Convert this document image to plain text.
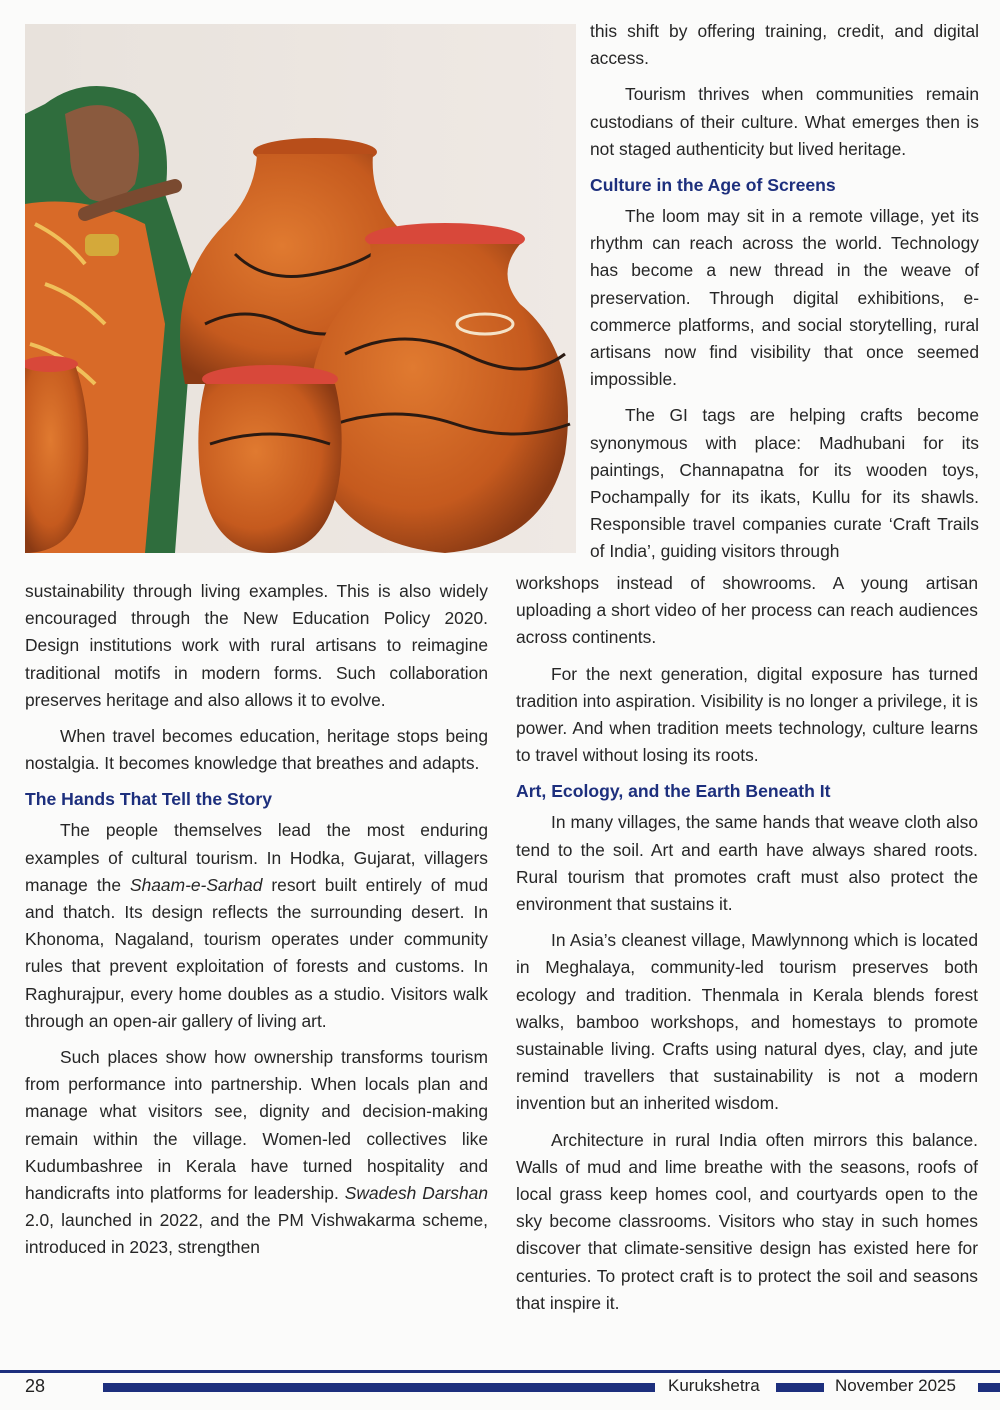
this shift by offering training, credit, and digital access.

Tourism thrives when communities remain custodians of their culture. What emerges then is not staged authenticity but lived heritage.

Culture in the Age of Screens

The loom may sit in a remote village, yet its rhythm can reach across the world. Technology has become a new thread in the weave of preservation. Through digital exhibitions, e-commerce platforms, and social storytelling, rural artisans now find visibility that once seemed impossible.

The GI tags are helping crafts become synonymous with place: Madhubani for its paintings, Channapatna for its wooden toys, Pochampally for its ikats, Kullu for its shawls. Responsible travel companies curate ‘Craft Trails of India’, guiding visitors through

sustainability through living examples. This is also widely encouraged through the New Education Policy 2020. Design institutions work with rural artisans to reimagine traditional motifs in modern forms. Such collaboration preserves heritage and also allows it to evolve.

When travel becomes education, heritage stops being nostalgia. It becomes knowledge that breathes and adapts.

The Hands That Tell the Story

The people themselves lead the most enduring examples of cultural tourism. In Hodka, Gujarat, villagers manage the Shaam-e-Sarhad resort built entirely of mud and thatch. Its design reflects the surrounding desert. In Khonoma, Nagaland, tourism operates under community rules that prevent exploitation of forests and customs. In Raghurajpur, every home doubles as a studio. Visitors walk through an open-air gallery of living art.

Such places show how ownership transforms tourism from performance into partnership. When locals plan and manage what visitors see, dignity and decision-making remain within the village. Women-led collectives like Kudumbashree in Kerala have turned hospitality and handicrafts into platforms for leadership. Swadesh Darshan 2.0, launched in 2022, and the PM Vishwakarma scheme, introduced in 2023, strengthen

workshops instead of showrooms. A young artisan uploading a short video of her process can reach audiences across continents.

For the next generation, digital exposure has turned tradition into aspiration. Visibility is no longer a privilege, it is power. And when tradition meets technology, culture learns to travel without losing its roots.

Art, Ecology, and the Earth Beneath It

In many villages, the same hands that weave cloth also tend to the soil. Art and earth have always shared roots. Rural tourism that promotes craft must also protect the environment that sustains it.

In Asia’s cleanest village, Mawlynnong which is located in Meghalaya, community-led tourism preserves both ecology and tradition. Thenmala in Kerala blends forest walks, bamboo workshops, and homestays to promote sustainable living. Crafts using natural dyes, clay, and jute remind travellers that sustainability is not a modern invention but an inherited wisdom.

Architecture in rural India often mirrors this balance. Walls of mud and lime breathe with the seasons, roofs of local grass keep homes cool, and courtyards open to the sky become classrooms. Visitors who stay in such homes discover that climate-sensitive design has existed here for centuries. To protect craft is to protect the soil and seasons that inspire it.

28	Kurukshetra	November 2025
